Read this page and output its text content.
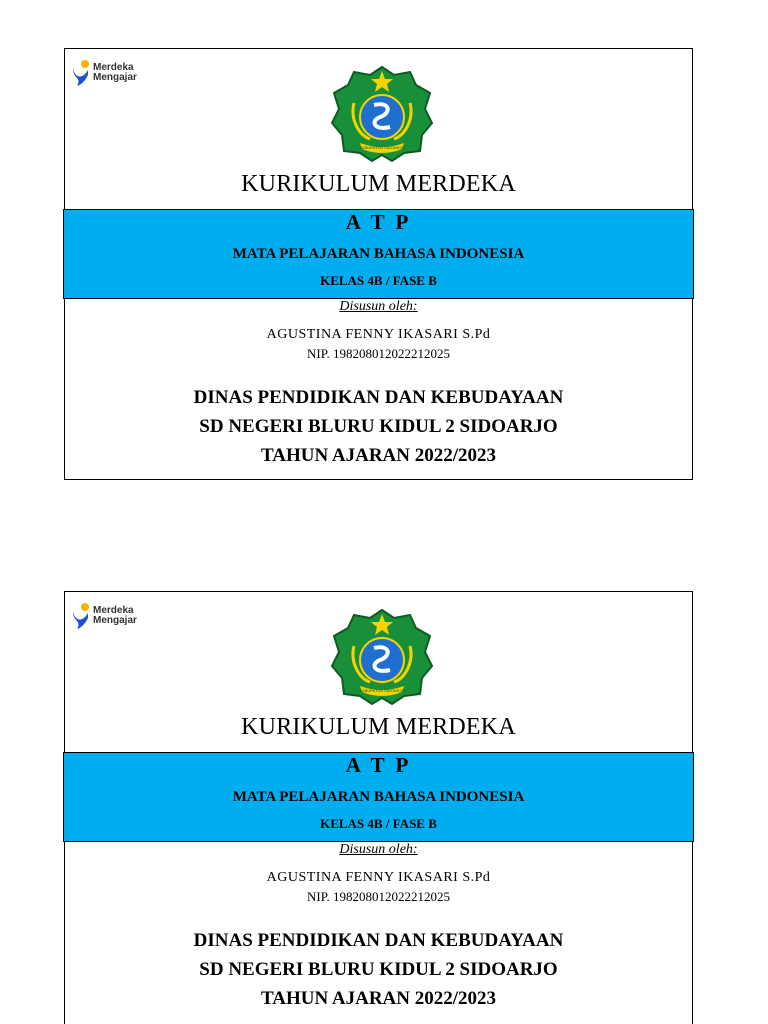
Merdeka
Mengajar
KABUPATEN SIDOARJO
KURIKULUM MERDEKA
A T P
MATA PELAJARAN BAHASA INDONESIA
KELAS 4B / FASE B
Disusun oleh:
AGUSTINA FENNY IKASARI S.Pd
NIP. 198208012022212025
DINAS PENDIDIKAN DAN KEBUDAYAAN
SD NEGERI BLURU KIDUL 2 SIDOARJO
TAHUN AJARAN 2022/2023
Merdeka
Mengajar
KABUPATEN SIDOARJO
KURIKULUM MERDEKA
A T P
MATA PELAJARAN BAHASA INDONESIA
KELAS 4B / FASE B
Disusun oleh:
AGUSTINA FENNY IKASARI S.Pd
NIP. 198208012022212025
DINAS PENDIDIKAN DAN KEBUDAYAAN
SD NEGERI BLURU KIDUL 2 SIDOARJO
TAHUN AJARAN 2022/2023
